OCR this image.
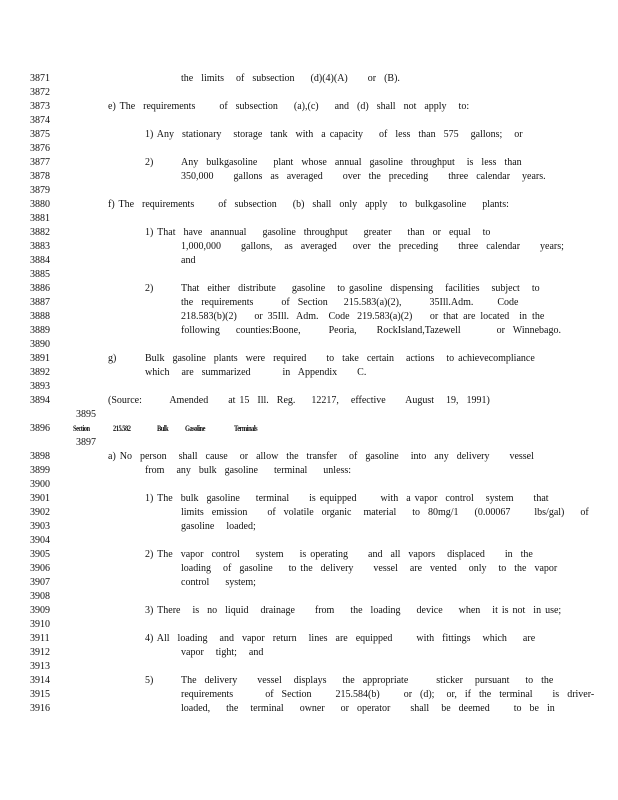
3871
3872
3873
3874
3875
3876
3877
3878
3879
3880
3881
3882
3883
3884
3885
3886
3887
3888
3889
3890
3891
3892
3893
3894
3895
3896
3897
3898
3899
3900
3901
3902
3903
3904
3905
3906
3907
3908
3909
3910
3911
3912
3913
3914
3915
3916
the  limits   of  subsection    (d)(4)(A)     or  (B).
e) The  requirements      of  subsection    (a),(c)    and  (d)  shall  not  apply   to:
1) Any  stationary   storage  tank  with  a capacity    of  less  than  575   gallons;   or
2)	Any  bulkgasoline    plant  whose  annual  gasoline  throughput   is  less  than
350,000     gallons  as  averaged     over  the  preceding     three  calendar   years.
f) The  requirements      of  subsection    (b)  shall  only  apply   to  bulkgasoline    plants:
1) That  have  anannual    gasoline  throughput    greater    than  or  equal   to
1,000,000     gallons,   as  averaged    over  the  preceding     three  calendar     years;
and
2)	That  either  distribute    gasoline   to gasoline  dispensing   facilities   subject   to
the  requirements       of  Section    215.583(a)(2),       35Ill.Adm.      Code
218.583(b)(2)       or  35Ill.   Adm.    Code   219.583(a)(2)       or  that  are  located    in  the
following    counties:Boone,       Peoria,     RockIsland,Tazewell         or  Winnebago.
g)	Bulk  gasoline  plants  were  required     to  take  certain   actions   to achievecompliance
which   are  summarized        in  Appendix     C.
(Source:       Amended     at 15  Ill.  Reg.    12217,   effective     August   19,  1991)
Section	215.582	Bulk Gasoline	Terminals
a) No  person   shall  cause   or  allow  the  transfer   of  gasoline   into  any  delivery     vessel
from   any  bulk  gasoline    terminal    unless:
1) The  bulk  gasoline    terminal     is equipped      with  a vapor  control   system     that
limits  emission     of  volatile  organic   material    to  80mg/1    (0.00067      lbs/gal)    of
gasoline   loaded;
2) The  vapor  control    system    is operating     and  all  vapors   displaced     in  the
loading   of  gasoline    to the  delivery     vessel   are  vented   only   to  the  vapor
control    system;
3) There   is  no  liquid   drainage     from    the  loading    device    when   it is not  in use;
4) All  loading   and  vapor  return   lines  are  equipped      with  fittings   which    are
vapor   tight;   and
5)	The  delivery     vessel   displays    the  appropriate       sticker   pursuant    to  the
requirements        of  Section      215.584(b)      or  (d);   or,  if  the  terminal     is  driver-
loaded,    the   terminal    owner    or  operator     shall   be  deemed      to  be  in
